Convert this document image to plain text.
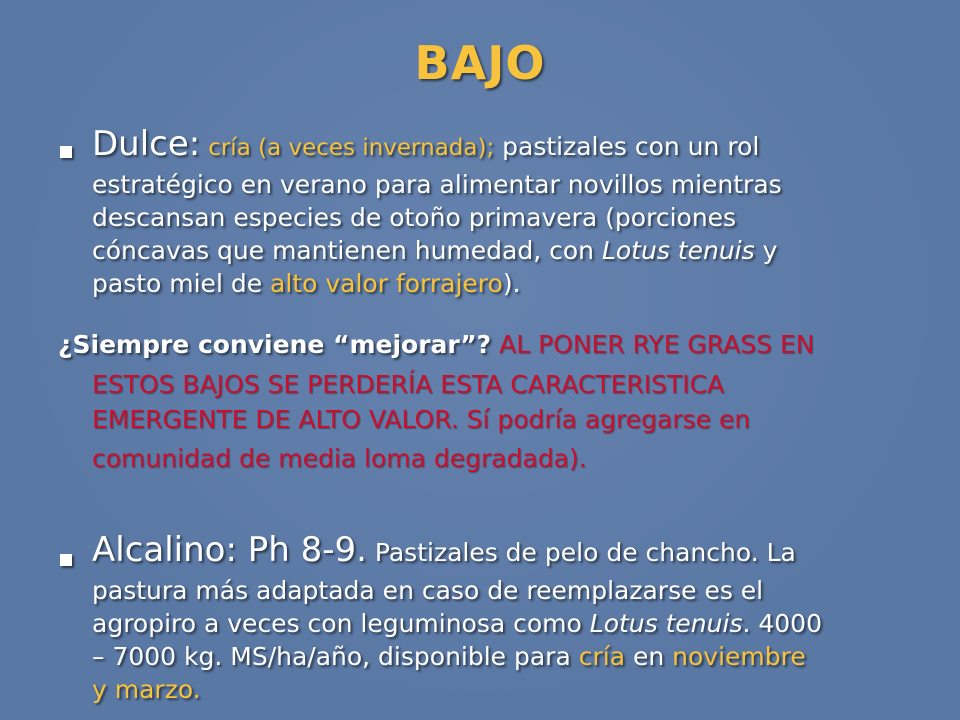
BAJO
Dulce: cría (a veces invernada); pastizales con un rol
estratégico en verano para alimentar novillos mientras
descansan especies de otoño primavera (porciones
cóncavas que mantienen humedad, con Lotus tenuis y
pasto miel de alto valor forrajero).
¿Siempre conviene “mejorar”? AL PONER RYE GRASS EN
ESTOS BAJOS SE PERDERÍA ESTA CARACTERISTICA
EMERGENTE DE ALTO VALOR. Sí podría agregarse en
comunidad de media loma degradada).
Alcalino: Ph 8-9. Pastizales de pelo de chancho. La
pastura más adaptada en caso de reemplazarse es el
agropiro a veces con leguminosa como Lotus tenuis. 4000
– 7000 kg. MS/ha/año, disponible para cría en noviembre
y marzo.
